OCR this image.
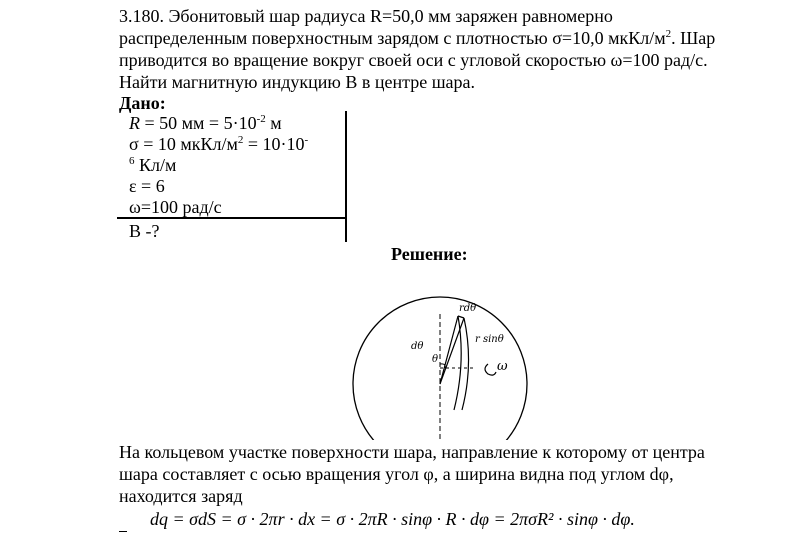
3.180. Эбонитовый шар радиуса R=50,0 мм заряжен равномерно

распределенным поверхностным зарядом с плотностью σ=10,0 мкКл/$м^2$. Шар

приводится во вращение вокруг своей оси с угловой скоростью ω=100 рад/с.

Найти магнитную индукцию B в центре шара.

Дано:
R = 50 мм = $5\cdot 10^{-2}$ м
σ = 10 мкКл/$м^2 = 10\cdot 10^-$
$^6$ Кл/м
ε = 6
ω=100 рад/с
B -?
Решение:
rdθ
r sinθ
dθ
θ	ω

На кольцевом участке поверхности шара, направление к которому от центра

шара составляет с осью вращения угол φ, а ширина видна под углом dφ,

находится заряд

dq = σdS = σ · 2πr · dx = σ · 2πR · sinφ · R · dφ = 2πσR² · sinφ · dφ.
